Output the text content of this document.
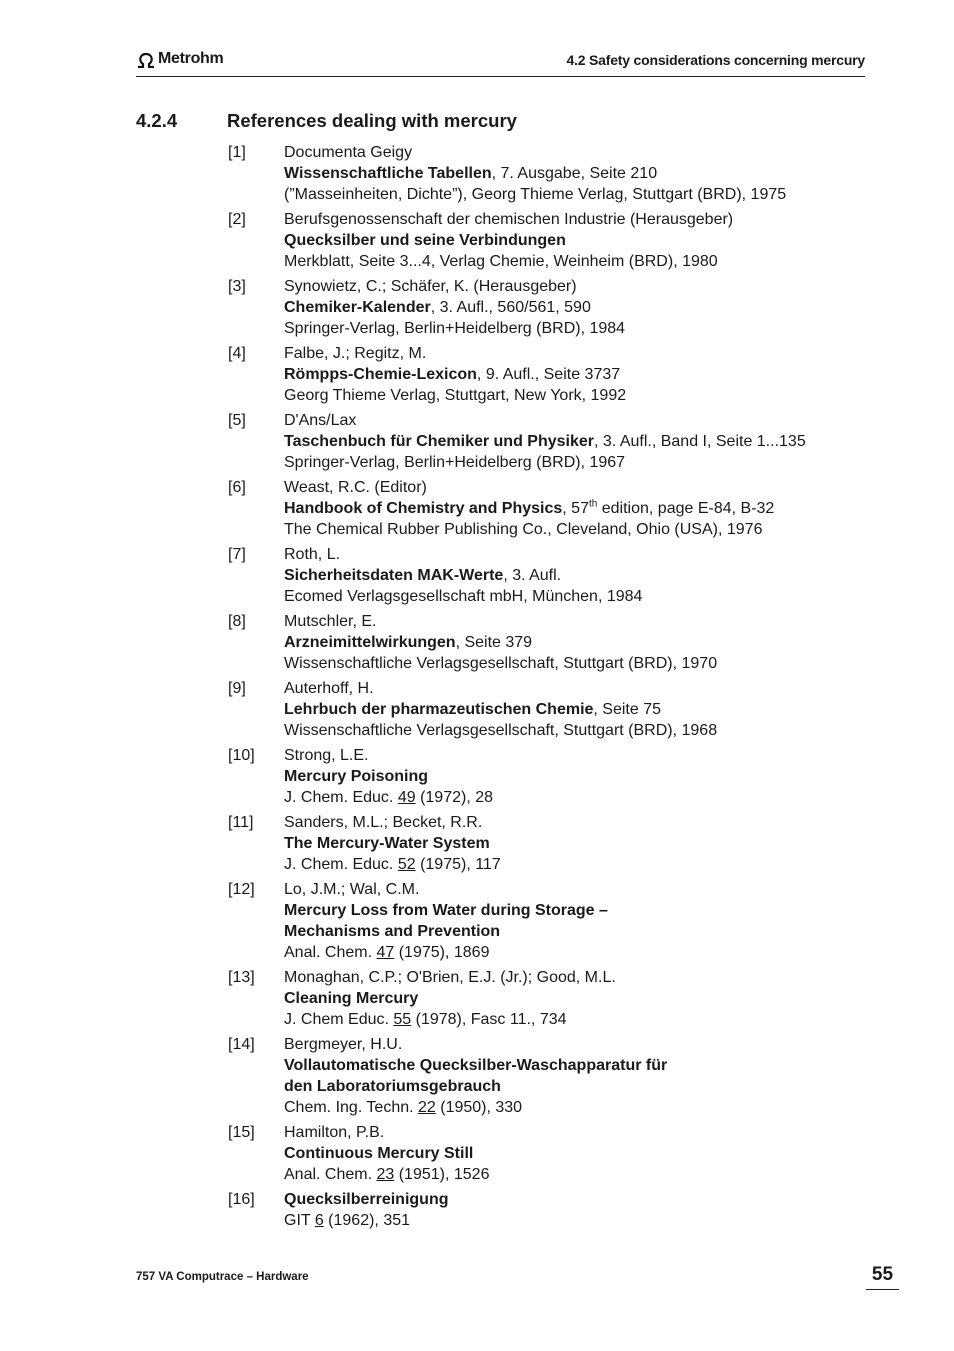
Metrohm	4.2 Safety considerations concerning mercury
4.2.4	References dealing with mercury
[1]	Documenta Geigy
Wissenschaftliche Tabellen, 7. Ausgabe, Seite 210
(”Masseinheiten, Dichte”), Georg Thieme Verlag, Stuttgart (BRD), 1975
[2]	Berufsgenossenschaft der chemischen Industrie (Herausgeber)
Quecksilber und seine Verbindungen
Merkblatt, Seite 3...4, Verlag Chemie, Weinheim (BRD), 1980
[3]	Synowietz, C.; Schäfer, K. (Herausgeber)
Chemiker-Kalender, 3. Aufl., 560/561, 590
Springer-Verlag, Berlin+Heidelberg (BRD), 1984
[4]	Falbe, J.; Regitz, M.
Römpps-Chemie-Lexicon, 9. Aufl., Seite 3737
Georg Thieme Verlag, Stuttgart, New York, 1992
[5]	D'Ans/Lax
Taschenbuch für Chemiker und Physiker, 3. Aufl., Band I, Seite 1...135
Springer-Verlag, Berlin+Heidelberg (BRD), 1967
[6]	Weast, R.C. (Editor)
Handbook of Chemistry and Physics, 57th edition, page E-84, B-32
The Chemical Rubber Publishing Co., Cleveland, Ohio (USA), 1976
[7]	Roth, L.
Sicherheitsdaten MAK-Werte, 3. Aufl.
Ecomed Verlagsgesellschaft mbH, München, 1984
[8]	Mutschler, E.
Arzneimittelwirkungen, Seite 379
Wissenschaftliche Verlagsgesellschaft, Stuttgart (BRD), 1970
[9]	Auterhoff, H.
Lehrbuch der pharmazeutischen Chemie, Seite 75
Wissenschaftliche Verlagsgesellschaft, Stuttgart (BRD), 1968
[10]	Strong, L.E.
Mercury Poisoning
J. Chem. Educ. 49 (1972), 28
[11]	Sanders, M.L.; Becket, R.R.
The Mercury-Water System
J. Chem. Educ. 52 (1975), 117
[12]	Lo, J.M.; Wal, C.M.
Mercury Loss from Water during Storage –
Mechanisms and Prevention
Anal. Chem. 47 (1975), 1869
[13]	Monaghan, C.P.; O'Brien, E.J. (Jr.); Good, M.L.
Cleaning Mercury
J. Chem Educ. 55 (1978), Fasc 11., 734
[14]	Bergmeyer, H.U.
Vollautomatische Quecksilber-Waschapparatur für
den Laboratoriumsgebrauch
Chem. Ing. Techn. 22 (1950), 330
[15]	Hamilton, P.B.
Continuous Mercury Still
Anal. Chem. 23 (1951), 1526
[16]	Quecksilberreinigung
GIT 6 (1962), 351
757 VA Computrace – Hardware	55
